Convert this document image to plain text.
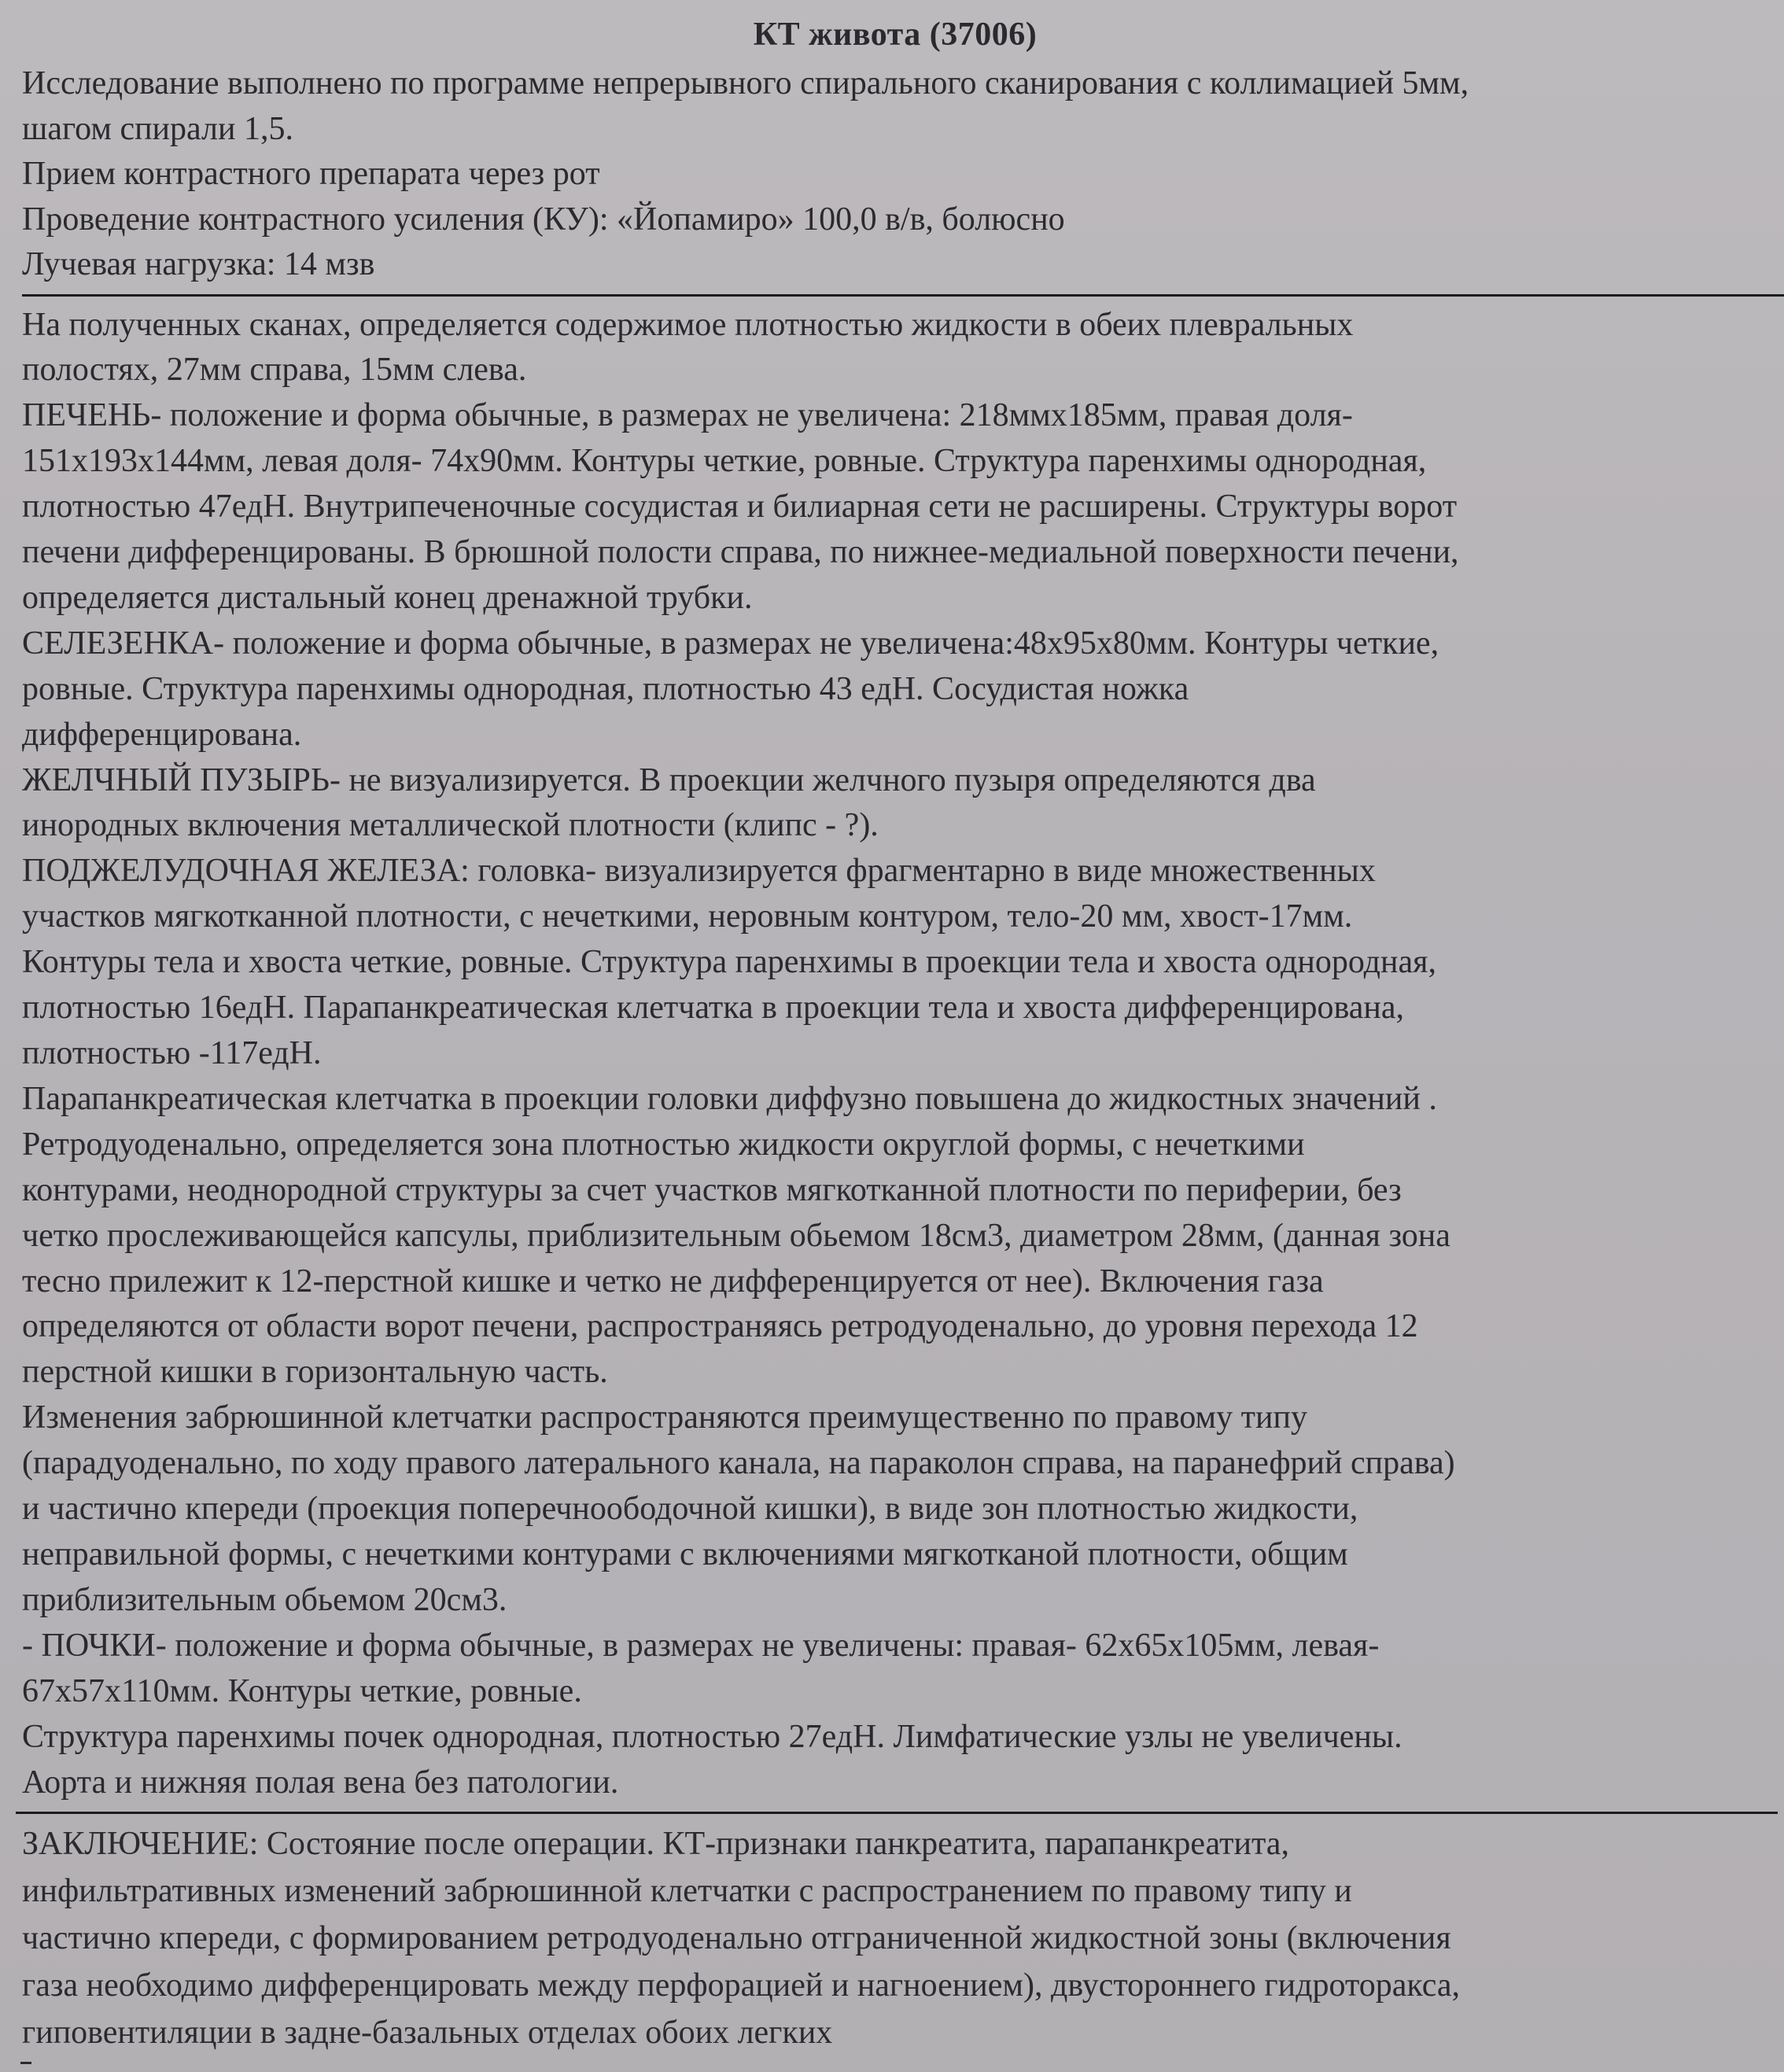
КТ живота (37006)

Исследование выполнено по программе непрерывного спирального сканирования с коллимацией 5мм,

шагом спирали 1,5.

Прием контрастного препарата через рот

Проведение контрастного усиления (КУ): «Йопамиро» 100,0 в/в, болюсно

Лучевая нагрузка: 14 мзв

На полученных сканах, определяется содержимое плотностью жидкости в обеих плевральных

полостях, 27мм справа, 15мм слева.

ПЕЧЕНЬ- положение и форма обычные, в размерах не увеличена: 218ммх185мм, правая доля-

151х193х144мм, левая доля- 74х90мм. Контуры четкие, ровные. Структура паренхимы однородная,

плотностью 47едН. Внутрипеченочные сосудистая и билиарная сети не расширены. Структуры ворот

печени дифференцированы. В брюшной полости справа, по нижнее-медиальной поверхности печени,

определяется дистальный конец дренажной трубки.

СЕЛЕЗЕНКА- положение и форма обычные, в размерах не увеличена:48х95х80мм. Контуры четкие,

ровные. Структура паренхимы однородная, плотностью 43 едН. Сосудистая ножка

дифференцирована.

ЖЕЛЧНЫЙ ПУЗЫРЬ- не визуализируется. В проекции желчного пузыря определяются два

инородных включения металлической плотности (клипс - ?).

ПОДЖЕЛУДОЧНАЯ ЖЕЛЕЗА: головка- визуализируется фрагментарно в виде множественных

участков мягкотканной плотности, с нечеткими, неровным контуром, тело-20 мм, хвост-17мм.

Контуры тела и хвоста четкие, ровные. Структура паренхимы в проекции тела и хвоста однородная,

плотностью 16едН. Парапанкреатическая клетчатка в проекции тела и хвоста дифференцирована,

плотностью -117едН.

Парапанкреатическая клетчатка в проекции головки диффузно повышена до жидкостных значений .

Ретродуоденально, определяется зона плотностью жидкости округлой формы, с нечеткими

контурами, неоднородной структуры за счет участков мягкотканной плотности по периферии, без

четко прослеживающейся капсулы, приблизительным обьемом 18см3, диаметром 28мм, (данная зона

тесно прилежит к 12-перстной кишке и четко не дифференцируется от нее). Включения газа

определяются от области ворот печени, распространяясь ретродуоденально, до уровня перехода 12

перстной кишки в горизонтальную часть.

Изменения забрюшинной клетчатки распространяются преимущественно по правому типу

(парадуоденально, по ходу правого латерального канала, на параколон справа, на паранефрий справа)

и частично кпереди (проекция поперечноободочной кишки), в виде зон плотностью жидкости,

неправильной формы, с нечеткими контурами с включениями мягкотканой плотности, общим

приблизительным обьемом 20см3.

- ПОЧКИ- положение и форма обычные, в размерах не увеличены: правая- 62х65х105мм, левая-

67х57х110мм. Контуры четкие, ровные.

Структура паренхимы почек однородная, плотностью 27едН. Лимфатические узлы не увеличены.

Аорта и нижняя полая вена без патологии.

ЗАКЛЮЧЕНИЕ: Состояние после операции. КТ-признаки панкреатита, парапанкреатита,

инфильтративных изменений забрюшинной клетчатки с распространением по правому типу и

частично кпереди, с формированием ретродуоденально отграниченной жидкостной зоны (включения

газа необходимо дифференцировать между перфорацией и нагноением), двустороннего гидроторакса,

гиповентиляции в задне-базальных отделах обоих легких
